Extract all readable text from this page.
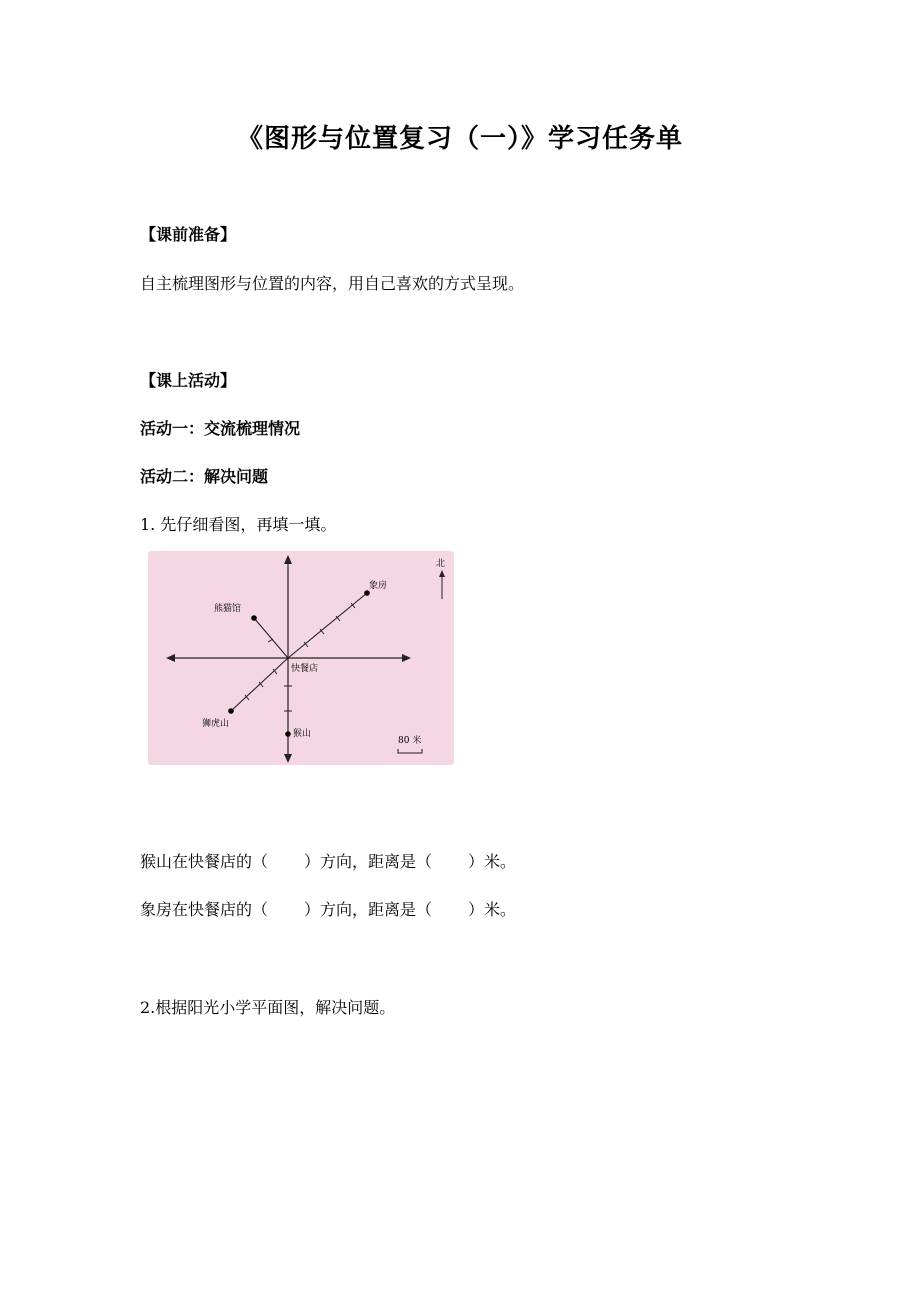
《图形与位置复习（一）》学习任务单
【课前准备】
自主梳理图形与位置的内容，用自己喜欢的方式呈现。
【课上活动】
活动一：交流梳理情况
活动二：解决问题
1. 先仔细看图，再填一填。
象房
熊猫馆
狮虎山
猴山
快餐店
北
80 米
猴山在快餐店的（ ）方向，距离是（ ）米。
象房在快餐店的（ ）方向，距离是（ ）米。
2.根据阳光小学平面图，解决问题。
